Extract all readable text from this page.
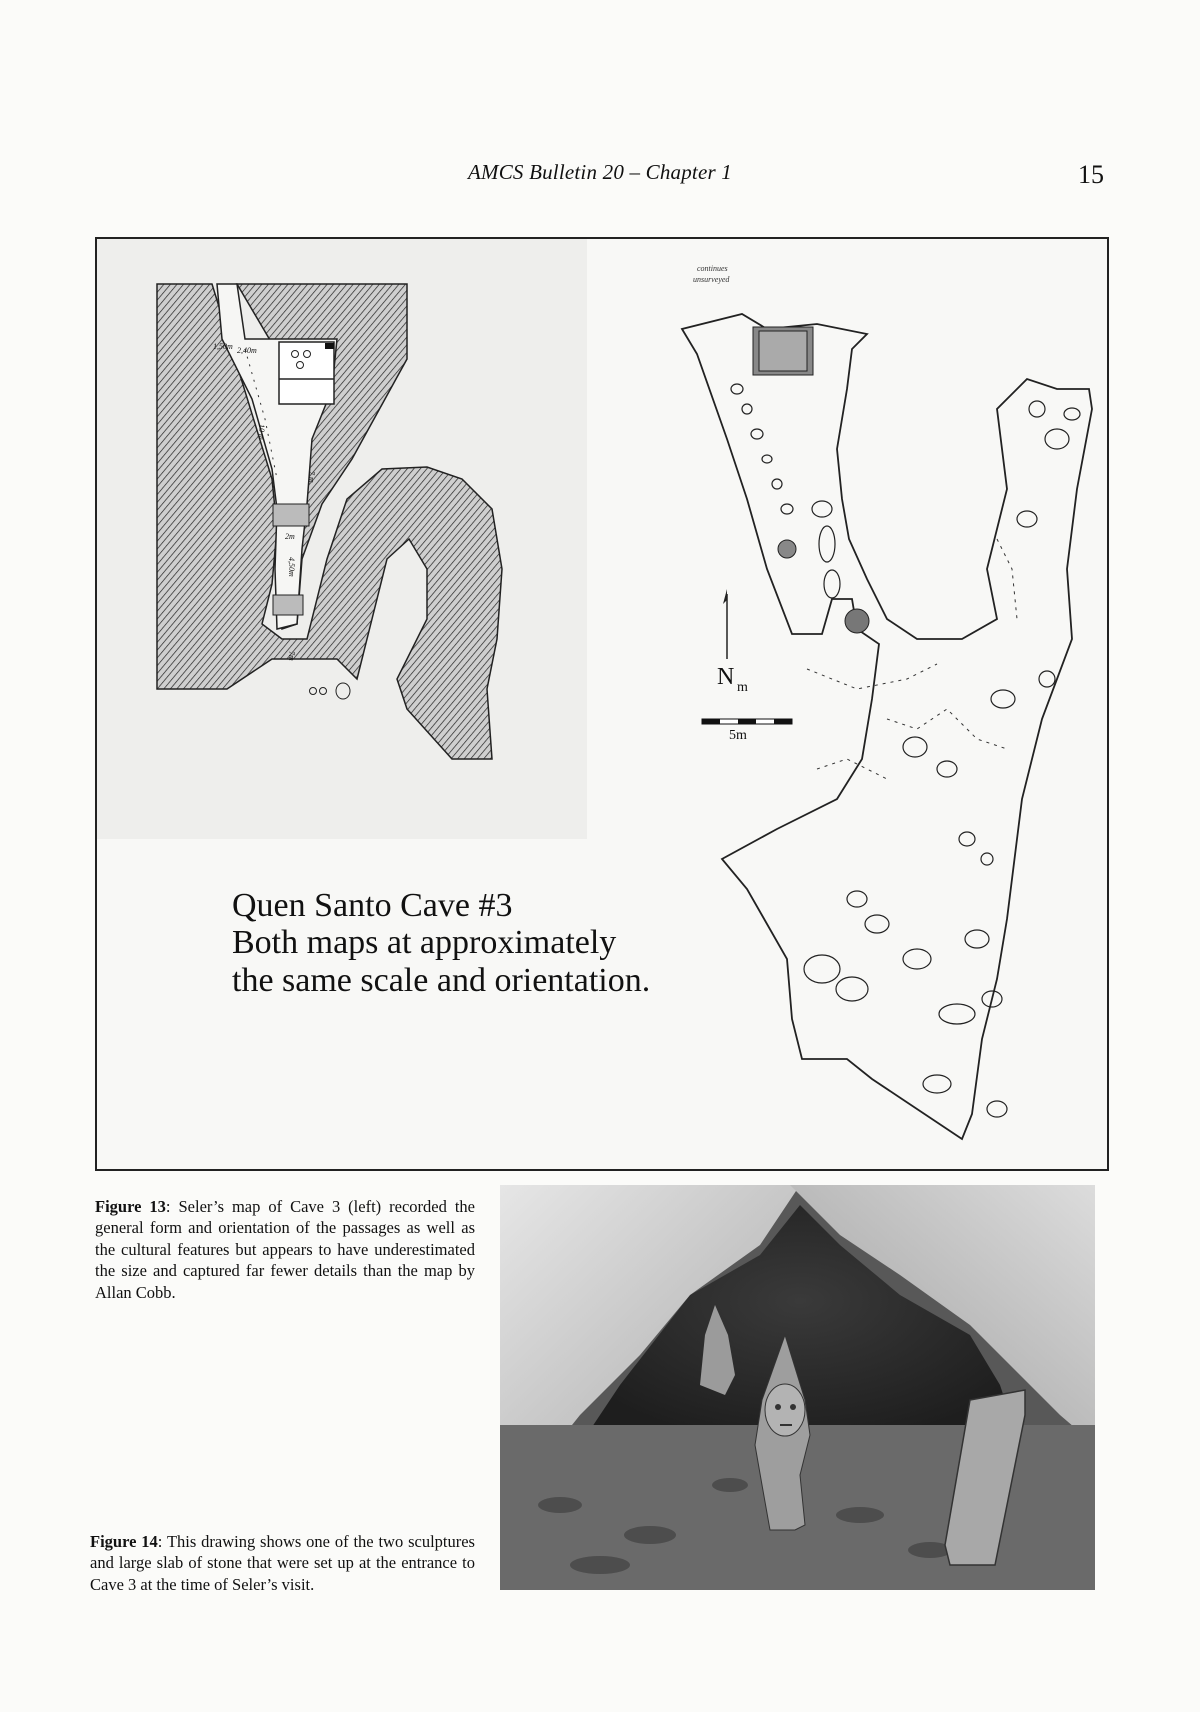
AMCS Bulletin 20 – Chapter 1	15
1,50m 2,40m
10 m
7 m
2m
4,50m
7m
N m
5m
continues
unsurveyed
Quen Santo Cave #3
Both maps at approximately
the same scale and orientation.
Figure 13: Seler’s map of Cave 3 (left) recorded the general form and orientation of the passages as well as the cultural features but appears to have underestimated the size and captured far fewer details than the map by Allan Cobb.
Figure 14: This drawing shows one of the two sculptures and large slab of stone that were set up at the entrance to Cave 3 at the time of Seler’s visit.
